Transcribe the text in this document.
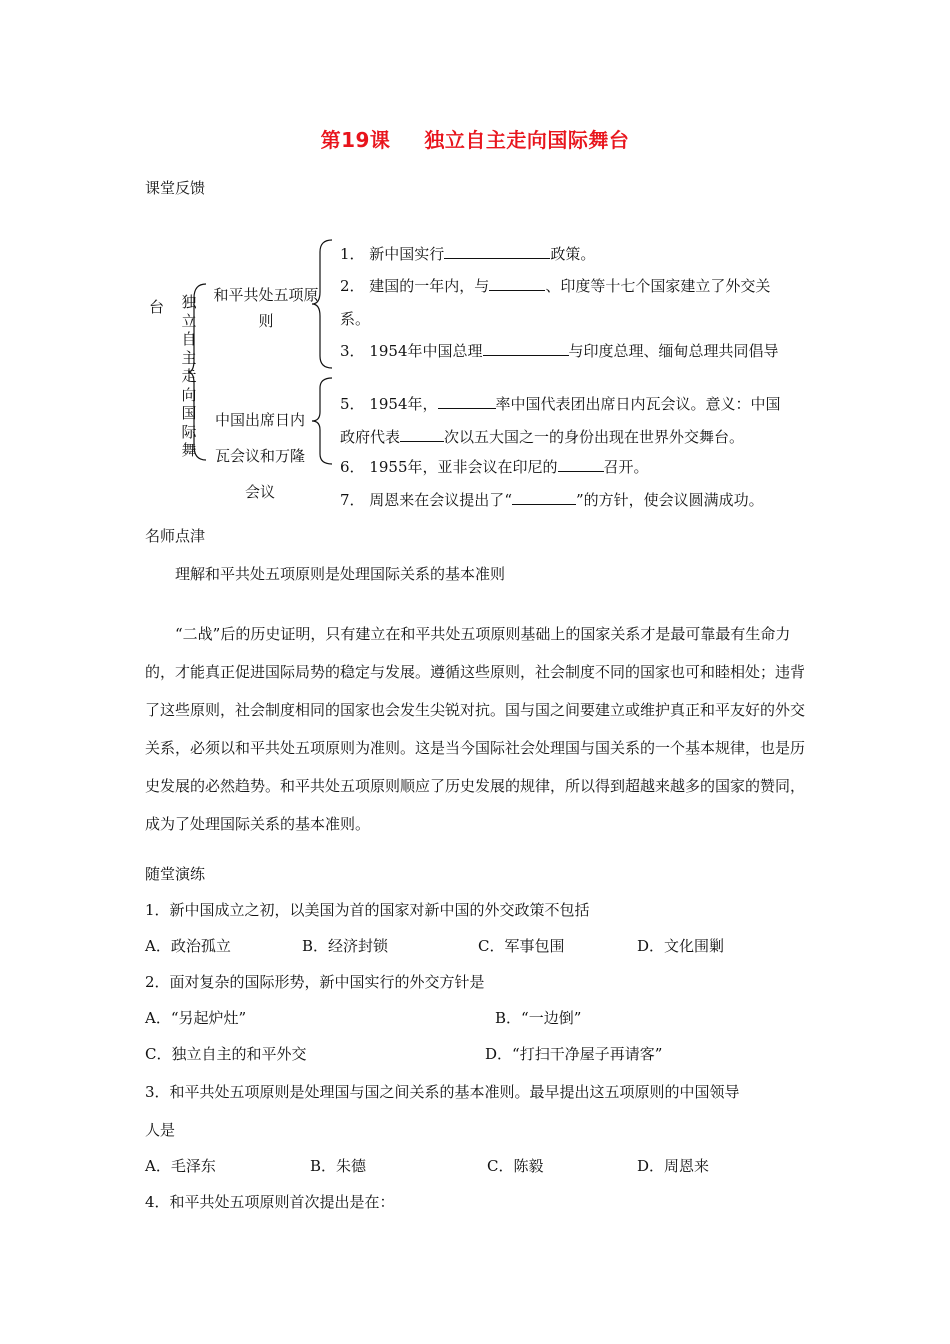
第19课 独立自主走向国际舞台
课堂反馈
台 独立自主走向国际舞
和平共处五项原则
中国出席日内瓦会议和万隆会议
1． 新中国实行	政策。
2． 建国的一年内，与	、印度等十七个国家建立了外交关
系。
3． 1954年中国总理	与印度总理、缅甸总理共同倡导
5． 1954年，	率中国代表团出席日内瓦会议。意义：中国
政府代表	次以五大国之一的身份出现在世界外交舞台。
6． 1955年，亚非会议在印尼的	召开。
7． 周恩来在会议提出了“	”的方针，使会议圆满成功。
名师点津
理解和平共处五项原则是处理国际关系的基本准则
“二战”后的历史证明，只有建立在和平共处五项原则基础上的国家关系才是最可靠最有生命力的，才能真正促进国际局势的稳定与发展。遵循这些原则，社会制度不同的国家也可和睦相处；违背了这些原则，社会制度相同的国家也会发生尖锐对抗。国与国之间要建立或维护真正和平友好的外交关系，必须以和平共处五项原则为准则。这是当今国际社会处理国与国关系的一个基本规律，也是历史发展的必然趋势。和平共处五项原则顺应了历史发展的规律，所以得到超越来越多的国家的赞同，成为了处理国际关系的基本准则。
随堂演练
1．新中国成立之初，以美国为首的国家对新中国的外交政策不包括
A．政治孤立	B．经济封锁	C．军事包围	D．文化围剿
2．面对复杂的国际形势，新中国实行的外交方针是
A．“另起炉灶”	B．“一边倒”
C．独立自主的和平外交	D．“打扫干净屋子再请客”
3．和平共处五项原则是处理国与国之间关系的基本准则。最早提出这五项原则的中国领导
人是
A．毛泽东	B．朱德	C．陈毅	D．周恩来
4．和平共处五项原则首次提出是在：
